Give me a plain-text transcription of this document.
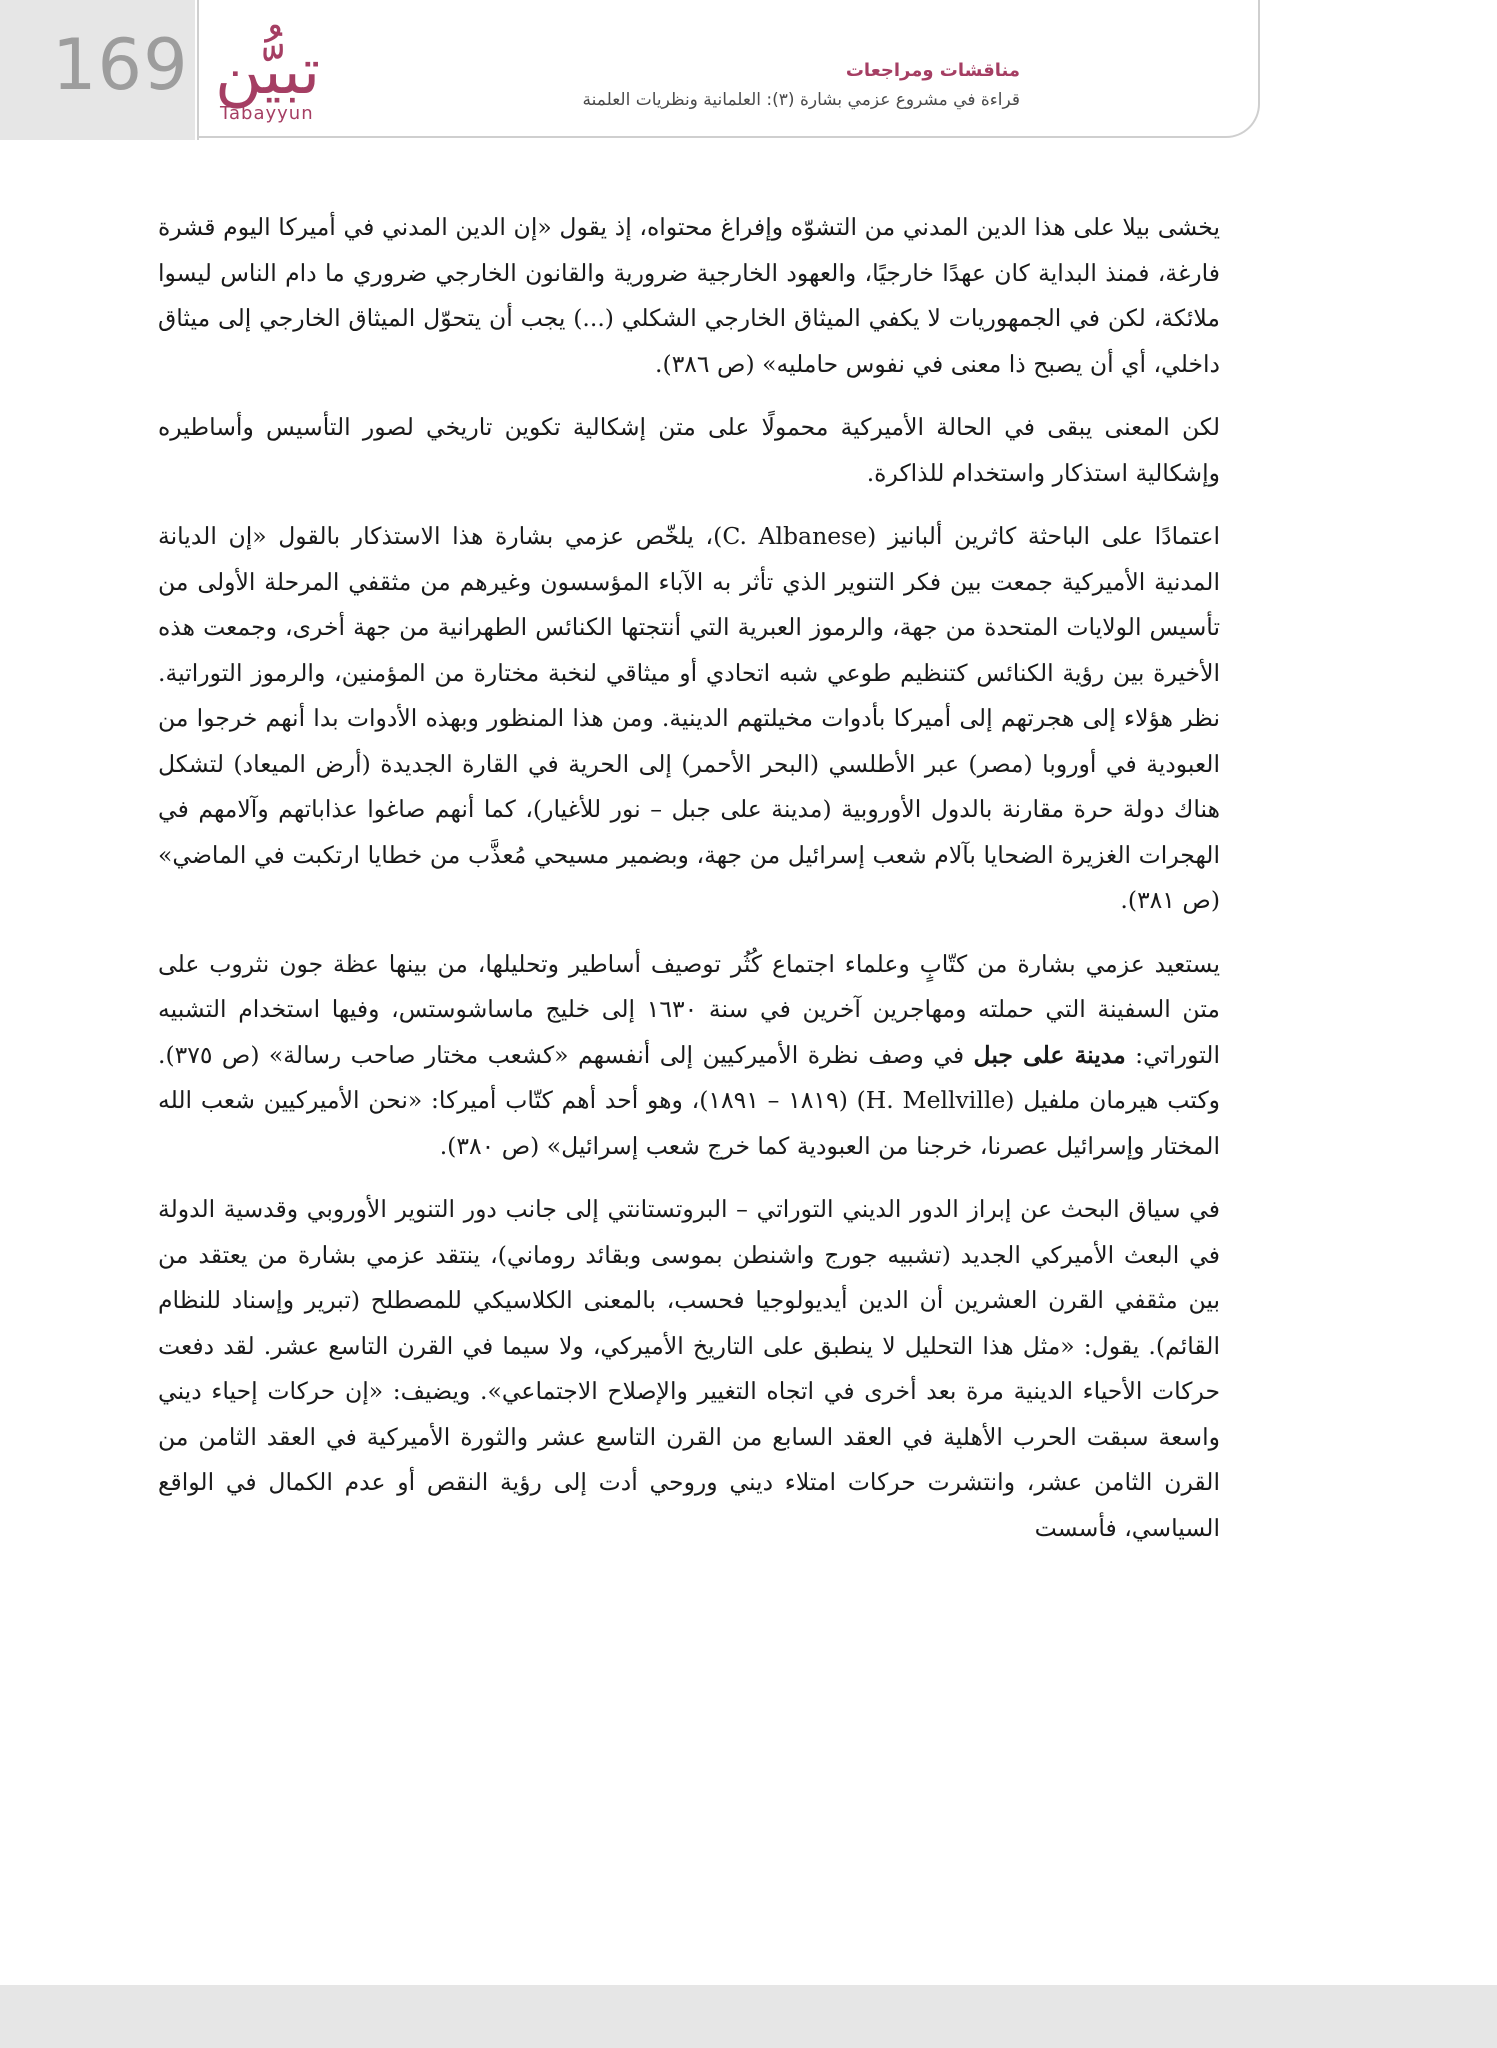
169 تبيُّن
Tabayyun
مناقشات ومراجعات
قراءة في مشروع عزمي بشارة (٣): العلمانية ونظريات العلمنة

يخشى بيلا على هذا الدين المدني من التشوّه وإفراغ محتواه، إذ يقول «إن الدين المدني في أميركا اليوم قشرة فارغة، فمنذ البداية كان عهدًا خارجيًا، والعهود الخارجية ضرورية والقانون الخارجي ضروري ما دام الناس ليسوا ملائكة، لكن في الجمهوريات لا يكفي الميثاق الخارجي الشكلي (...) يجب أن يتحوّل الميثاق الخارجي إلى ميثاق داخلي، أي أن يصبح ذا معنى في نفوس حامليه» (ص ٣٨٦).

لكن المعنى يبقى في الحالة الأميركية محمولًا على متن إشكالية تكوين تاريخي لصور التأسيس وأساطيره وإشكالية استذكار واستخدام للذاكرة.

اعتمادًا على الباحثة كاثرين ألبانيز (C. Albanese)، يلخّص عزمي بشارة هذا الاستذكار بالقول «إن الديانة المدنية الأميركية جمعت بين فكر التنوير الذي تأثر به الآباء المؤسسون وغيرهم من مثقفي المرحلة الأولى من تأسيس الولايات المتحدة من جهة، والرموز العبرية التي أنتجتها الكنائس الطهرانية من جهة أخرى، وجمعت هذه الأخيرة بين رؤية الكنائس كتنظيم طوعي شبه اتحادي أو ميثاقي لنخبة مختارة من المؤمنين، والرموز التوراتية. نظر هؤلاء إلى هجرتهم إلى أميركا بأدوات مخيلتهم الدينية. ومن هذا المنظور وبهذه الأدوات بدا أنهم خرجوا من العبودية في أوروبا (مصر) عبر الأطلسي (البحر الأحمر) إلى الحرية في القارة الجديدة (أرض الميعاد) لتشكل هناك دولة حرة مقارنة بالدول الأوروبية (مدينة على جبل – نور للأغيار)، كما أنهم صاغوا عذاباتهم وآلامهم في الهجرات الغزيرة الضحايا بآلام شعب إسرائيل من جهة، وبضمير مسيحي مُعذَّب من خطايا ارتكبت في الماضي» (ص ٣٨١).

يستعيد عزمي بشارة من كتّابٍ وعلماء اجتماع كُثُر توصيف أساطير وتحليلها، من بينها عظة جون نثروب على متن السفينة التي حملته ومهاجرين آخرين في سنة ١٦٣٠ إلى خليج ماساشوستس، وفيها استخدام التشبيه التوراتي: مدينة على جبل في وصف نظرة الأميركيين إلى أنفسهم «كشعب مختار صاحب رسالة» (ص ٣٧٥). وكتب هيرمان ملفيل (H. Mellville) (١٨١٩ – ١٨٩١)، وهو أحد أهم كتّاب أميركا: «نحن الأميركيين شعب الله المختار وإسرائيل عصرنا، خرجنا من العبودية كما خرج شعب إسرائيل» (ص ٣٨٠).

في سياق البحث عن إبراز الدور الديني التوراتي – البروتستانتي إلى جانب دور التنوير الأوروبي وقدسية الدولة في البعث الأميركي الجديد (تشبيه جورج واشنطن بموسى وبقائد روماني)، ينتقد عزمي بشارة من يعتقد من بين مثقفي القرن العشرين أن الدين أيديولوجيا فحسب، بالمعنى الكلاسيكي للمصطلح (تبرير وإسناد للنظام القائم). يقول: «مثل هذا التحليل لا ينطبق على التاريخ الأميركي، ولا سيما في القرن التاسع عشر. لقد دفعت حركات الأحياء الدينية مرة بعد أخرى في اتجاه التغيير والإصلاح الاجتماعي». ويضيف: «إن حركات إحياء ديني واسعة سبقت الحرب الأهلية في العقد السابع من القرن التاسع عشر والثورة الأميركية في العقد الثامن من القرن الثامن عشر، وانتشرت حركات امتلاء ديني وروحي أدت إلى رؤية النقص أو عدم الكمال في الواقع السياسي، فأسست
